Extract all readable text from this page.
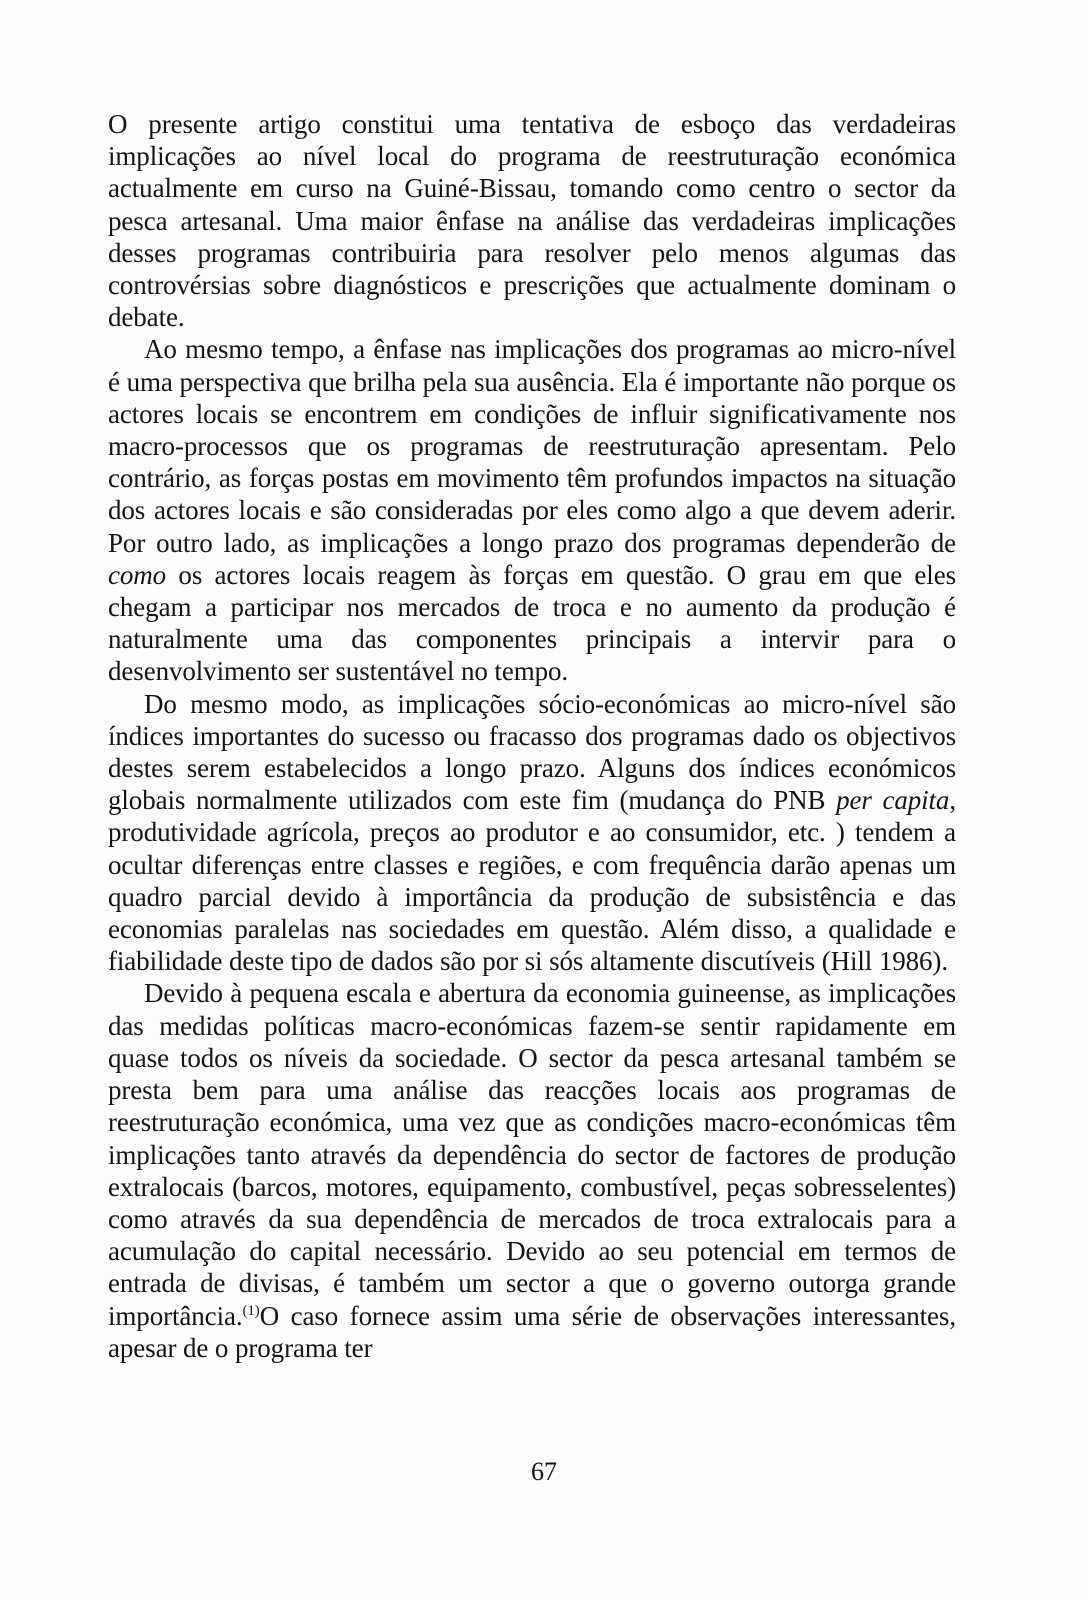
O presente artigo constitui uma tentativa de esboço das verdadeiras implicações ao nível local do programa de reestruturação económica actualmente em curso na Guiné-Bissau, tomando como centro o sector da pesca artesanal. Uma maior ênfase na análise das verdadeiras implicações desses programas contribuiria para resolver pelo menos algumas das controvérsias sobre diagnósticos e prescrições que actualmente dominam o debate.

Ao mesmo tempo, a ênfase nas implicações dos programas ao micro-nível é uma perspectiva que brilha pela sua ausência. Ela é importante não porque os actores locais se encontrem em condições de influir significativamente nos macro-processos que os programas de reestruturação apresentam. Pelo contrário, as forças postas em movimento têm profundos impactos na situação dos actores locais e são consideradas por eles como algo a que devem aderir. Por outro lado, as implicações a longo prazo dos programas dependerão de como os actores locais reagem às forças em questão. O grau em que eles chegam a participar nos mercados de troca e no aumento da produção é naturalmente uma das componentes principais a intervir para o desenvolvimento ser sustentável no tempo.

Do mesmo modo, as implicações sócio-económicas ao micro-nível são índices importantes do sucesso ou fracasso dos programas dado os objectivos destes serem estabelecidos a longo prazo. Alguns dos índices económicos globais normalmente utilizados com este fim (mudança do PNB per capita, produtividade agrícola, preços ao produtor e ao consumidor, etc. ) tendem a ocultar diferenças entre classes e regiões, e com frequência darão apenas um quadro parcial devido à importância da produção de subsistência e das economias paralelas nas sociedades em questão. Além disso, a qualidade e fiabilidade deste tipo de dados são por si sós altamente discutíveis (Hill 1986).

Devido à pequena escala e abertura da economia guineense, as implicações das medidas políticas macro-económicas fazem-se sentir rapidamente em quase todos os níveis da sociedade. O sector da pesca artesanal também se presta bem para uma análise das reacções locais aos programas de reestruturação económica, uma vez que as condições macro-económicas têm implicações tanto através da dependência do sector de factores de produção extralocais (barcos, motores, equipamento, combustível, peças sobresselentes) como através da sua dependência de mercados de troca extralocais para a acumulação do capital necessário. Devido ao seu potencial em termos de entrada de divisas, é também um sector a que o governo outorga grande importância.$^{(1)}$O caso fornece assim uma série de observações interessantes, apesar de o programa ter

67
